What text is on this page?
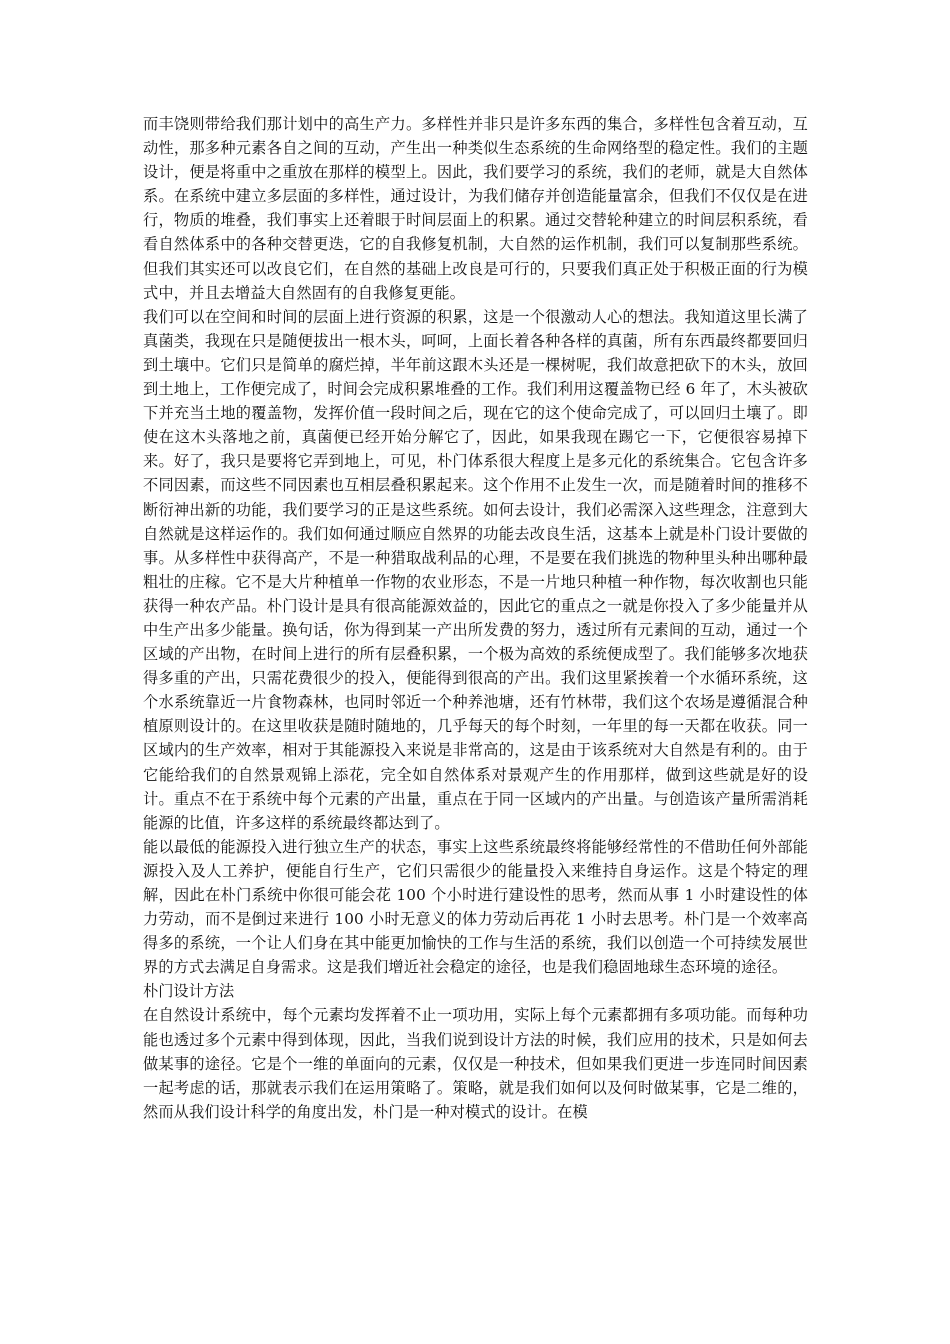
而丰饶则带给我们那计划中的高生产力。多样性并非只是许多东西的集合，多样性包含着互动，互动性，那多种元素各自之间的互动，产生出一种类似生态系统的生命网络型的稳定性。我们的主题设计，便是将重中之重放在那样的模型上。因此，我们要学习的系统，我们的老师，就是大自然体系。在系统中建立多层面的多样性，通过设计，为我们储存并创造能量富余，但我们不仅仅是在进行，物质的堆叠，我们事实上还着眼于时间层面上的积累。通过交替轮种建立的时间层积系统，看看自然体系中的各种交替更迭，它的自我修复机制，大自然的运作机制，我们可以复制那些系统。但我们其实还可以改良它们，在自然的基础上改良是可行的，只要我们真正处于积极正面的行为模式中，并且去增益大自然固有的自我修复更能。

我们可以在空间和时间的层面上进行资源的积累，这是一个很激动人心的想法。我知道这里长满了真菌类，我现在只是随便拔出一根木头，呵呵，上面长着各种各样的真菌，所有东西最终都要回归到土壤中。它们只是简单的腐烂掉，半年前这跟木头还是一棵树呢，我们故意把砍下的木头，放回到土地上，工作便完成了，时间会完成积累堆叠的工作。我们利用这覆盖物已经 6 年了，木头被砍下并充当土地的覆盖物，发挥价值一段时间之后，现在它的这个使命完成了，可以回归土壤了。即使在这木头落地之前，真菌便已经开始分解它了，因此，如果我现在踢它一下，它便很容易掉下来。好了，我只是要将它弄到地上，可见，朴门体系很大程度上是多元化的系统集合。它包含许多不同因素，而这些不同因素也互相层叠积累起来。这个作用不止发生一次，而是随着时间的推移不断衍神出新的功能，我们要学习的正是这些系统。如何去设计，我们必需深入这些理念，注意到大自然就是这样运作的。我们如何通过顺应自然界的功能去改良生活，这基本上就是朴门设计要做的事。从多样性中获得高产，不是一种猎取战利品的心理，不是要在我们挑选的物种里头种出哪种最粗壮的庄稼。它不是大片种植单一作物的农业形态，不是一片地只种植一种作物，每次收割也只能获得一种农产品。朴门设计是具有很高能源效益的，因此它的重点之一就是你投入了多少能量并从中生产出多少能量。换句话，你为得到某一产出所发费的努力，透过所有元素间的互动，通过一个区域的产出物，在时间上进行的所有层叠积累，一个极为高效的系统便成型了。我们能够多次地获得多重的产出，只需花费很少的投入，便能得到很高的产出。我们这里紧挨着一个水循环系统，这个水系统靠近一片食物森林，也同时邻近一个种养池塘，还有竹林带，我们这个农场是遵循混合种植原则设计的。在这里收获是随时随地的，几乎每天的每个时刻，一年里的每一天都在收获。同一区域内的生产效率，相对于其能源投入来说是非常高的，这是由于该系统对大自然是有利的。由于它能给我们的自然景观锦上添花，完全如自然体系对景观产生的作用那样，做到这些就是好的设计。重点不在于系统中每个元素的产出量，重点在于同一区域内的产出量。与创造该产量所需消耗能源的比值，许多这样的系统最终都达到了。

能以最低的能源投入进行独立生产的状态，事实上这些系统最终将能够经常性的不借助任何外部能源投入及人工养护，便能自行生产，它们只需很少的能量投入来维持自身运作。这是个特定的理解，因此在朴门系统中你很可能会花 100 个小时进行建设性的思考，然而从事 1 小时建设性的体力劳动，而不是倒过来进行 100 小时无意义的体力劳动后再花 1 小时去思考。朴门是一个效率高得多的系统，一个让人们身在其中能更加愉快的工作与生活的系统，我们以创造一个可持续发展世界的方式去满足自身需求。这是我们增近社会稳定的途径，也是我们稳固地球生态环境的途径。

朴门设计方法

在自然设计系统中，每个元素均发挥着不止一项功用，实际上每个元素都拥有多项功能。而每种功能也透过多个元素中得到体现，因此，当我们说到设计方法的时候，我们应用的技术，只是如何去做某事的途径。它是个一维的单面向的元素，仅仅是一种技术，但如果我们更进一步连同时间因素一起考虑的话，那就表示我们在运用策略了。策略，就是我们如何以及何时做某事，它是二维的，然而从我们设计科学的角度出发，朴门是一种对模式的设计。在模
